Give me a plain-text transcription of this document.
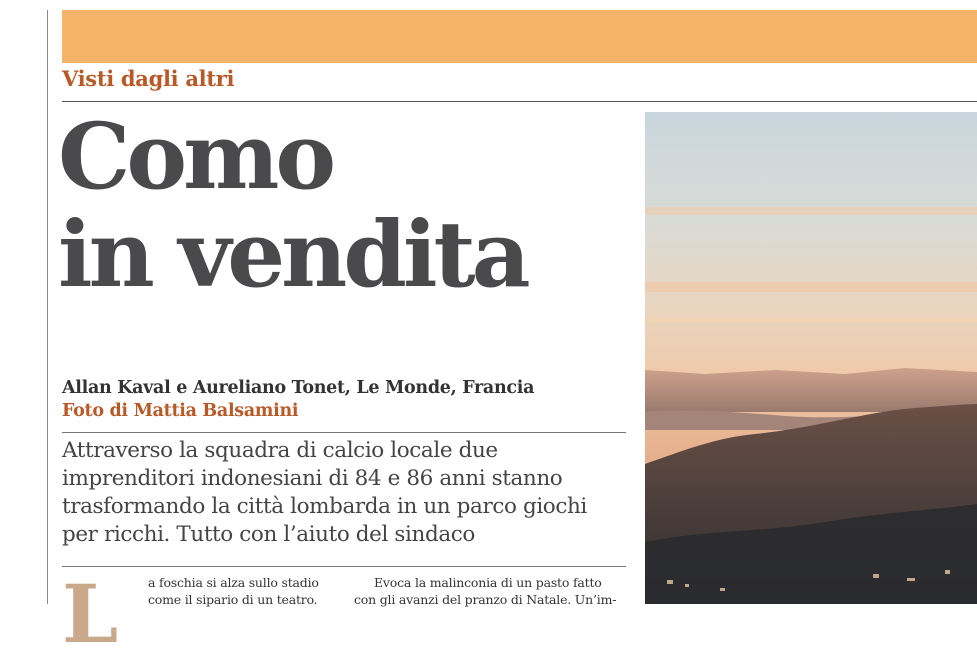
Visti dagli altri
Como
in vendita
Allan Kaval e Aureliano Tonet, Le Monde, Francia
Foto di Mattia Balsamini

Attraverso la squadra di calcio locale due
imprenditori indonesiani di 84 e 86 anni stanno
trasformando la città lombarda in un parco giochi
per ricchi. Tutto con l’aiuto del sindaco

L a foschia si alza sullo stadio
come il sipario di un teatro.
Evoca la malinconia di un pasto fatto
con gli avanzi del pranzo di Natale. Un’im-
